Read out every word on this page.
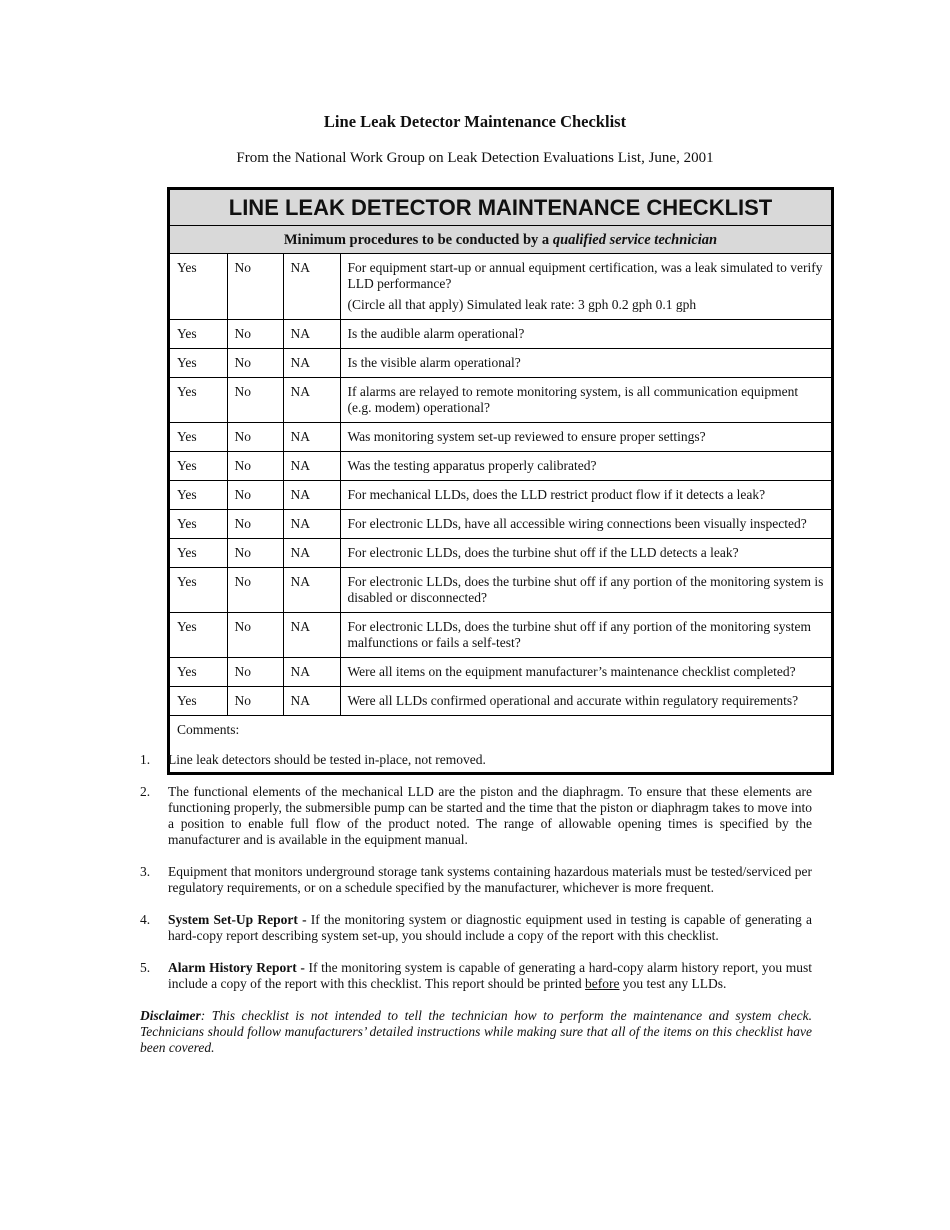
Line Leak Detector Maintenance Checklist
From the National Work Group on Leak Detection Evaluations List, June, 2001
LINE LEAK DETECTOR MAINTENANCE CHECKLIST
Minimum procedures to be conducted by a qualified service technician
Yes	No	NA	For equipment start-up or annual equipment certification, was a leak simulated to verify LLD performance?
(Circle all that apply) Simulated leak rate: 3 gph 0.2 gph 0.1 gph

Yes	No	NA	Is the audible alarm operational?

Yes	No	NA	Is the visible alarm operational?

Yes	No	NA	If alarms are relayed to remote monitoring system, is all communication equipment (e.g. modem) operational?

Yes	No	NA	Was monitoring system set-up reviewed to ensure proper settings?

Yes	No	NA	Was the testing apparatus properly calibrated?

Yes	No	NA	For mechanical LLDs, does the LLD restrict product flow if it detects a leak?

Yes	No	NA	For electronic LLDs, have all accessible wiring connections been visually inspected?

Yes	No	NA	For electronic LLDs, does the turbine shut off if the LLD detects a leak?

Yes	No	NA	For electronic LLDs, does the turbine shut off if any portion of the monitoring system is disabled or disconnected?

Yes	No	NA	For electronic LLDs, does the turbine shut off if any portion of the monitoring system malfunctions or fails a self-test?

Yes	No	NA	Were all items on the equipment manufacturer’s maintenance checklist completed?

Yes	No	NA	Were all LLDs confirmed operational and accurate within regulatory requirements?
Comments:
1.	Line leak detectors should be tested in-place, not removed.
2.	The functional elements of the mechanical LLD are the piston and the diaphragm. To ensure that these elements are functioning properly, the submersible pump can be started and the time that the piston or diaphragm takes to move into a position to enable full flow of the product noted. The range of allowable opening times is specified by the manufacturer and is available in the equipment manual.
3.	Equipment that monitors underground storage tank systems containing hazardous materials must be tested/serviced per regulatory requirements, or on a schedule specified by the manufacturer, whichever is more frequent.
4.	System Set-Up Report - If the monitoring system or diagnostic equipment used in testing is capable of generating a hard-copy report describing system set-up, you should include a copy of the report with this checklist.
5.	Alarm History Report - If the monitoring system is capable of generating a hard-copy alarm history report, you must include a copy of the report with this checklist. This report should be printed before you test any LLDs.
Disclaimer: This checklist is not intended to tell the technician how to perform the maintenance and system check. Technicians should follow manufacturers’ detailed instructions while making sure that all of the items on this checklist have been covered.
